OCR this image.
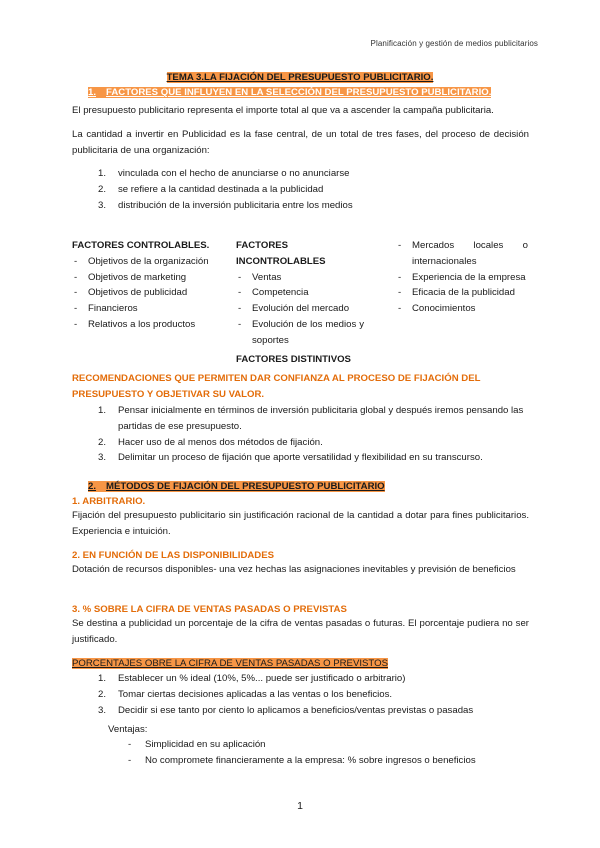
Planificación y gestión de medios publicitarios
TEMA 3.LA FIJACIÓN DEL PRESUPUESTO PUBLICITARIO.
1. FACTORES QUE INFLUYEN EN LA SELECCIÓN DEL PRESUPUESTO PUBLICITARIO.
El presupuesto publicitario representa el importe total al que va a ascender la campaña publicitaria.
La cantidad a invertir en Publicidad es la fase central, de un total de tres fases, del proceso de decisión publicitaria de una organización:
1. vinculada con el hecho de anunciarse o no anunciarse
2. se refiere a la cantidad destinada a la publicidad
3. distribución de la inversión publicitaria entre los medios
FACTORES CONTROLABLES.
- Objetivos de la organización
- Objetivos de marketing
- Objetivos de publicidad
- Financieros
- Relativos a los productos
FACTORES INCONTROLABLES
- Ventas
- Competencia
- Evolución del mercado
- Evolución de los medios y soportes
FACTORES DISTINTIVOS
- Mercados locales o internacionales
- Experiencia de la empresa
- Eficacia de la publicidad
- Conocimientos
RECOMENDACIONES QUE PERMITEN DAR CONFIANZA AL PROCESO DE FIJACIÓN DEL PRESUPUESTO Y OBJETIVAR SU VALOR.
1. Pensar inicialmente en términos de inversión publicitaria global y después iremos pensando las partidas de ese presupuesto.
2. Hacer uso de al menos dos métodos de fijación.
3. Delimitar un proceso de fijación que aporte versatilidad y flexibilidad en su transcurso.
2. MÉTODOS DE FIJACIÓN DEL PRESUPUESTO PUBLICITARIO
1. ARBITRARIO.
Fijación del presupuesto publicitario sin justificación racional de la cantidad a dotar para fines publicitarios. Experiencia e intuición.
2. EN FUNCIÓN DE LAS DISPONIBILIDADES
Dotación de recursos disponibles- una vez hechas las asignaciones inevitables y previsión de beneficios
3. % SOBRE LA CIFRA DE VENTAS PASADAS O PREVISTAS
Se destina a publicidad un porcentaje de la cifra de ventas pasadas o futuras. El porcentaje pudiera no ser justificado.
PORCENTAJES OBRE LA CIFRA DE VENTAS PASADAS O PREVISTOS
1. Establecer un % ideal (10%, 5%... puede ser justificado o arbitrario)
2. Tomar ciertas decisiones aplicadas a las ventas o los beneficios.
3. Decidir si ese tanto por ciento lo aplicamos a beneficios/ventas previstas o pasadas
Ventajas:
- Simplicidad en su aplicación
- No compromete financieramente a la empresa: % sobre ingresos o beneficios
1
